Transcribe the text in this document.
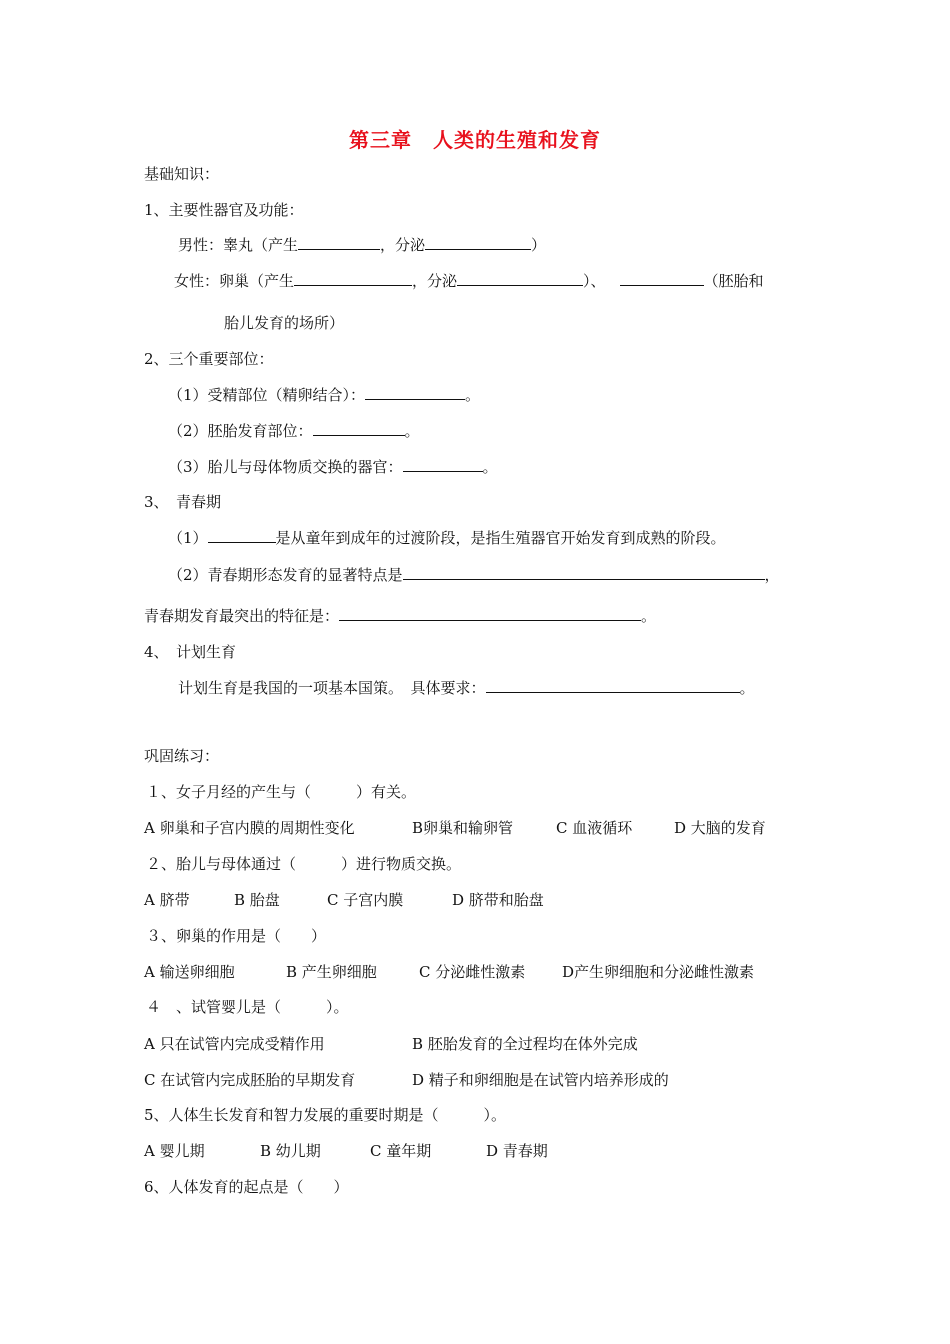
第三章　人类的生殖和发育
基础知识：
1、主要性器官及功能：
男性：睾丸（产生	，分泌	）
女性：卵巢（产生	，分泌	）、	（胚胎和
胎儿发育的场所）
2、三个重要部位：
（1）受精部位（精卵结合）：	。
（2）胚胎发育部位：	。
（3）胎儿与母体物质交换的器官：	。
3、　青春期
（1）	是从童年到成年的过渡阶段，是指生殖器官开始发育到成熟的阶段。
（2）青春期形态发育的显著特点是	，
青春期发育最突出的特征是：	。
4、　计划生育
计划生育是我国的一项基本国策。　具体要求：	。
巩固练习：
１、女子月经的产生与（　　　）有关。
A 卵巢和子宫内膜的周期性变化	B卵巢和输卵管	C 血液循环	D 大脑的发育
２、胎儿与母体通过（　　　）进行物质交换。
A 脐带	B 胎盘	C 子宫内膜	D 脐带和胎盘
３、卵巢的作用是（　　）
A 输送卵细胞	B 产生卵细胞	C 分泌雌性激素 D产生卵细胞和分泌雌性激素
４　、试管婴儿是（　　　）。
A 只在试管内完成受精作用	B 胚胎发育的全过程均在体外完成
C 在试管内完成胚胎的早期发育	D 精子和卵细胞是在试管内培养形成的
5、人体生长发育和智力发展的重要时期是（　　　）。
A 婴儿期	B 幼儿期	C 童年期	D 青春期
6、人体发育的起点是（　　）
